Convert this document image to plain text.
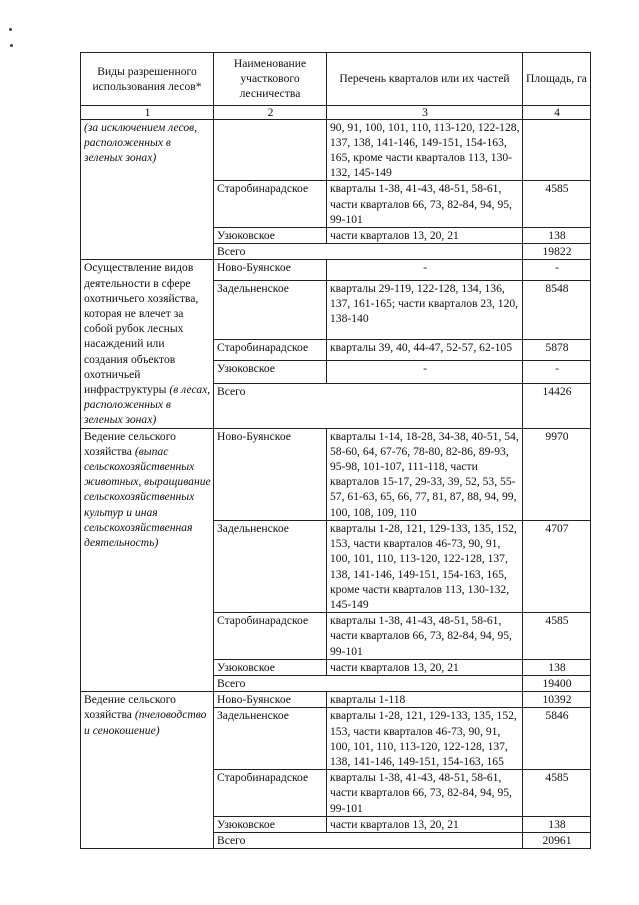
Виды разрешенного использования лесов*	Наименование участкового лесничества	Перечень кварталов или их частей	Площадь, га
1	2	3	4
(за исключением лесов, расположенных в зеленых зонах)		90, 91, 100, 101, 110, 113-120, 122-128, 137, 138, 141-146, 149-151, 154-163, 165, кроме части кварталов 113, 130-132, 145-149	
	Старобинарадское	кварталы 1-38, 41-43, 48-51, 58-61, части кварталов 66, 73, 82-84, 94, 95, 99-101	4585
	Узюковское	части кварталов 13, 20, 21	138
	Всего		19822
Осуществление видов деятельности в сфере охотничьего хозяйства, которая не влечет за собой рубок лесных насаждений или создания объектов охотничьей инфраструктуры (в лесах, расположенных в зеленых зонах)	Ново-Буянское	-	-
	Задельненское	кварталы 29-119, 122-128, 134, 136, 137, 161-165; части кварталов 23, 120, 138-140	8548
	Старобинарадское	кварталы 39, 40, 44-47, 52-57, 62-105	5878
	Узюковское	-	-
	Всего		14426
Ведение сельского хозяйства (выпас сельскохозяйственных животных, выращивание сельскохозяйственных культур и иная сельскохозяйственная деятельность)	Ново-Буянское	кварталы 1-14, 18-28, 34-38, 40-51, 54, 58-60, 64, 67-76, 78-80, 82-86, 89-93, 95-98, 101-107, 111-118, части кварталов 15-17, 29-33, 39, 52, 53, 55-57, 61-63, 65, 66, 77, 81, 87, 88, 94, 99, 100, 108, 109, 110	9970
	Задельненское	кварталы 1-28, 121, 129-133, 135, 152, 153, части кварталов 46-73, 90, 91, 100, 101, 110, 113-120, 122-128, 137, 138, 141-146, 149-151, 154-163, 165, кроме части кварталов 113, 130-132, 145-149	4707
	Старобинарадское	кварталы 1-38, 41-43, 48-51, 58-61, части кварталов 66, 73, 82-84, 94, 95, 99-101	4585
	Узюковское	части кварталов 13, 20, 21	138
	Всего		19400
Ведение сельского хозяйства (пчеловодство и сенокошение)	Ново-Буянское	кварталы 1-118	10392
	Задельненское	кварталы 1-28, 121, 129-133, 135, 152, 153, части кварталов 46-73, 90, 91, 100, 101, 110, 113-120, 122-128, 137, 138, 141-146, 149-151, 154-163, 165	5846
	Старобинарадское	кварталы 1-38, 41-43, 48-51, 58-61, части кварталов 66, 73, 82-84, 94, 95, 99-101	4585
	Узюковское	части кварталов 13, 20, 21	138
	Всего		20961
